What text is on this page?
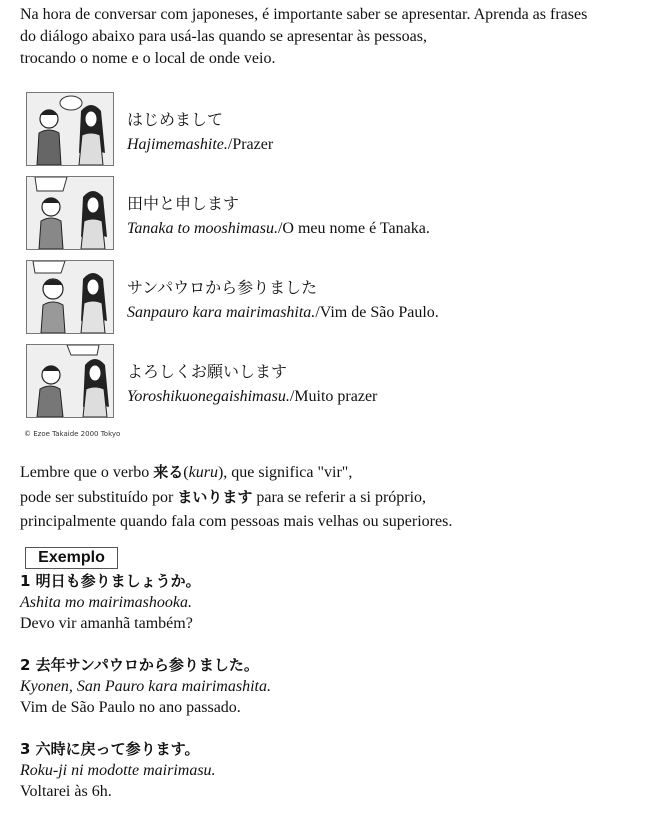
Na hora de conversar com japoneses, é importante saber se apresentar. Aprenda as frases
do diálogo abaixo para usá-las quando se apresentar às pessoas,
trocando o nome e o local de onde veio.
はじめまして
Hajimemashite./Prazer
田中と申します
Tanaka to mooshimasu./O meu nome é Tanaka.
サンパウロから参りました
Sanpauro kara mairimashita./Vim de São Paulo.
よろしくお願いします
Yoroshikuonegaishimasu./Muito prazer
© Ezoe Takaide 2000 Tokyo
Lembre que o verbo 来る(kuru), que significa "vir",
pode ser substituído por まいります para se referir a si próprio,
principalmente quando fala com pessoas mais velhas ou superiores.
Exemplo
1 明日も参りましょうか。
Ashita mo mairimashooka.
Devo vir amanhã também?
2 去年サンパウロから参りました。
Kyonen, San Pauro kara mairimashita.
Vim de São Paulo no ano passado.
3 六時に戻って参ります。
Roku-ji ni modotte mairimasu.
Voltarei às 6h.
